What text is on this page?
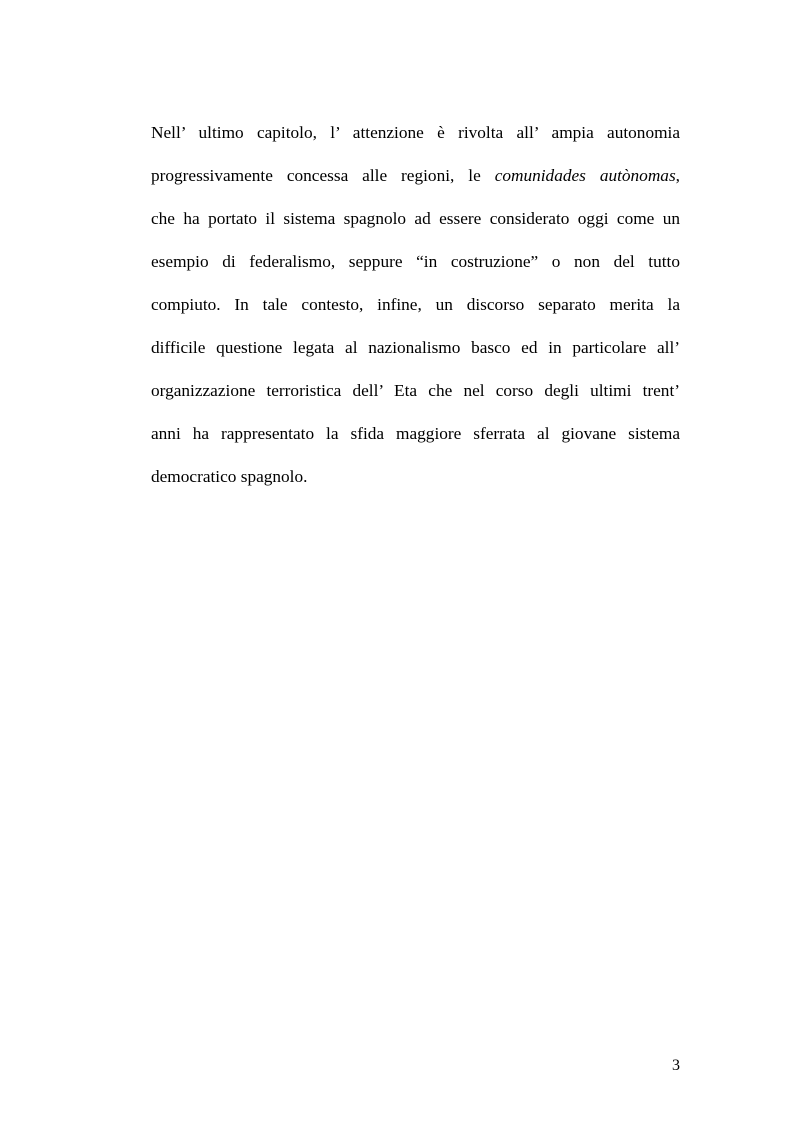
Nell’ ultimo capitolo, l’ attenzione è rivolta all’ ampia autonomia
progressivamente concessa alle regioni, le comunidades autònomas,
che ha portato il sistema spagnolo ad essere considerato oggi come un
esempio di federalismo, seppure “in costruzione” o non del tutto
compiuto. In tale contesto, infine, un discorso separato merita la
difficile questione legata al nazionalismo basco ed in particolare all’
organizzazione terroristica dell’ Eta che nel corso degli ultimi trent’
anni ha rappresentato la sfida maggiore sferrata al giovane sistema
democratico spagnolo.

3
